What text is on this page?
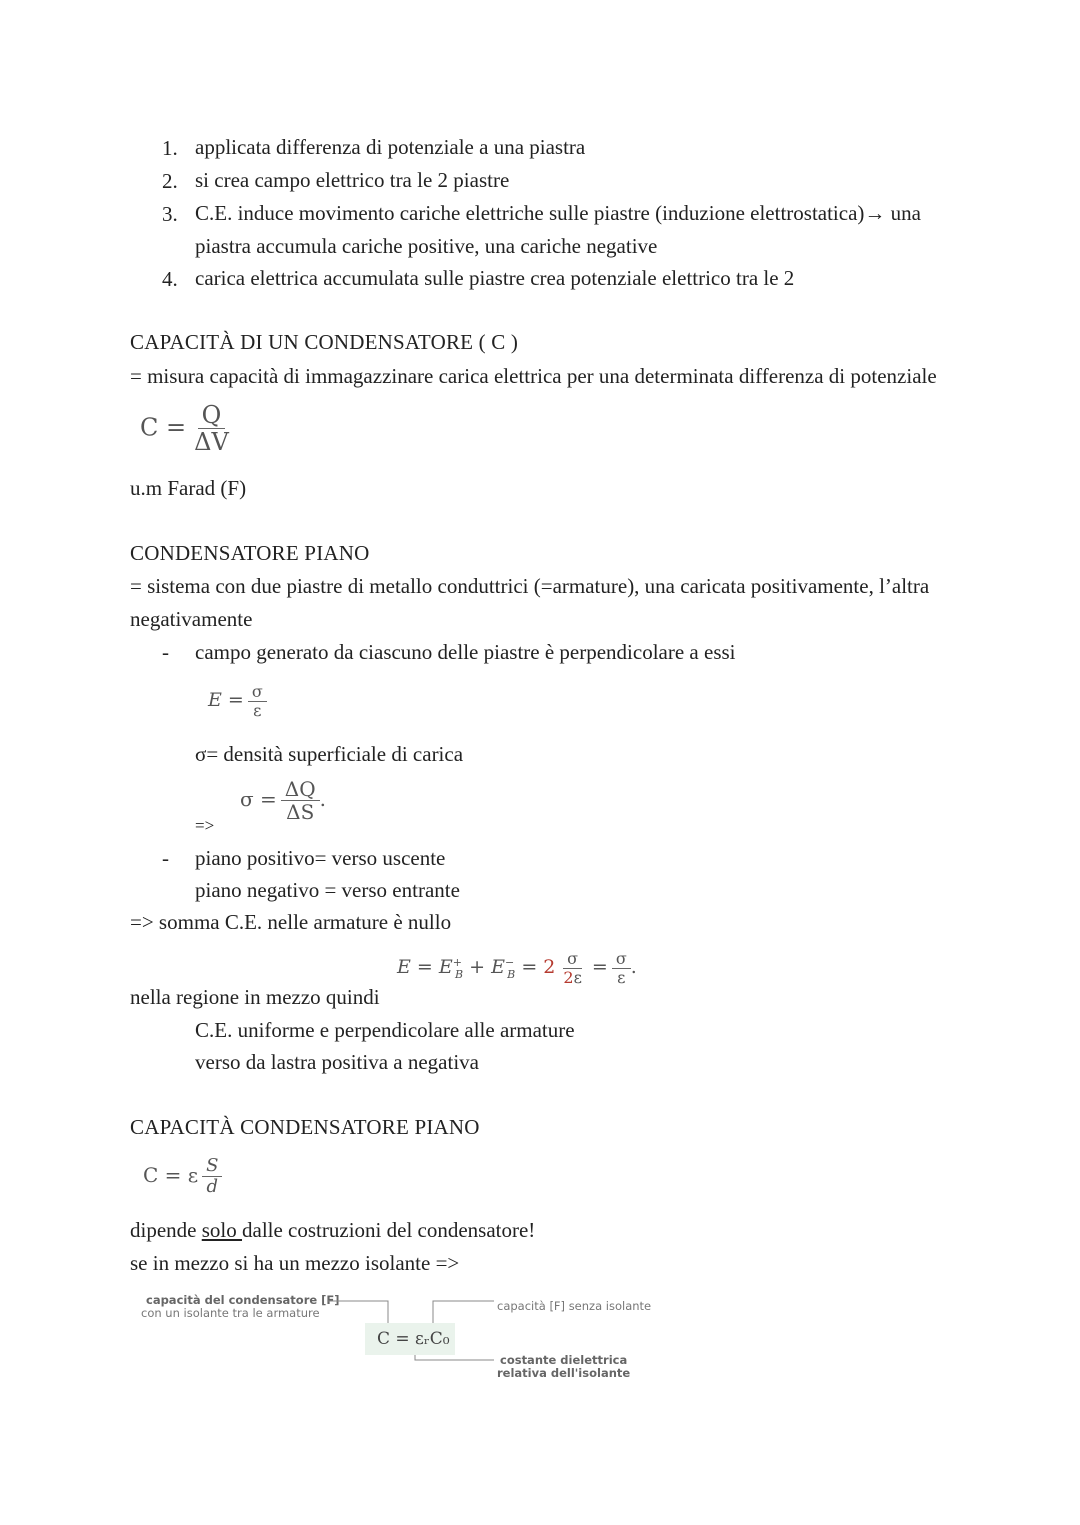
1. applicata differenza di potenziale a una piastra
2. si crea campo elettrico tra le 2 piastre
3. C.E. induce movimento cariche elettriche sulle piastre (induzione elettrostatica)→ una
piastra accumula cariche positive, una cariche negative
4. carica elettrica accumulata sulle piastre crea potenziale elettrico tra le 2
CAPACITÀ DI UN CONDENSATORE ( C )
= misura capacità di immagazzinare carica elettrica per una determinata differenza di potenziale
$C = \frac{Q}{\Delta V}$
u.m Farad (F)
CONDENSATORE PIANO
= sistema con due piastre di metallo conduttrici (=armature), una caricata positivamente, l’altra
negativamente
- campo generato da ciascuno delle piastre è perpendicolare a essi
$E = \frac{\sigma}{\varepsilon}$
σ= densità superficiale di carica
$\sigma = \frac{\Delta Q}{\Delta S}$ .
=>
- piano positivo= verso uscente
piano negativo = verso entrante
=> somma C.E. nelle armature è nullo
$E = E^+_B + E^-_B = 2 \frac{\sigma}{2\varepsilon} = \frac{\sigma}{\varepsilon}$ .
nella regione in mezzo quindi
C.E. uniforme e perpendicolare alle armature
verso da lastra positiva a negativa
CAPACITÀ CONDENSATORE PIANO
C = ε $\frac{S}{d}$
dipende solo dalle costruzioni del condensatore!
se in mezzo si ha un mezzo isolante =>
capacità del condensatore [F]
con un isolante tra le armature	capacità [F] senza isolante
costante dielettrica
relativa dell'isolante
C = εᵣC₀
